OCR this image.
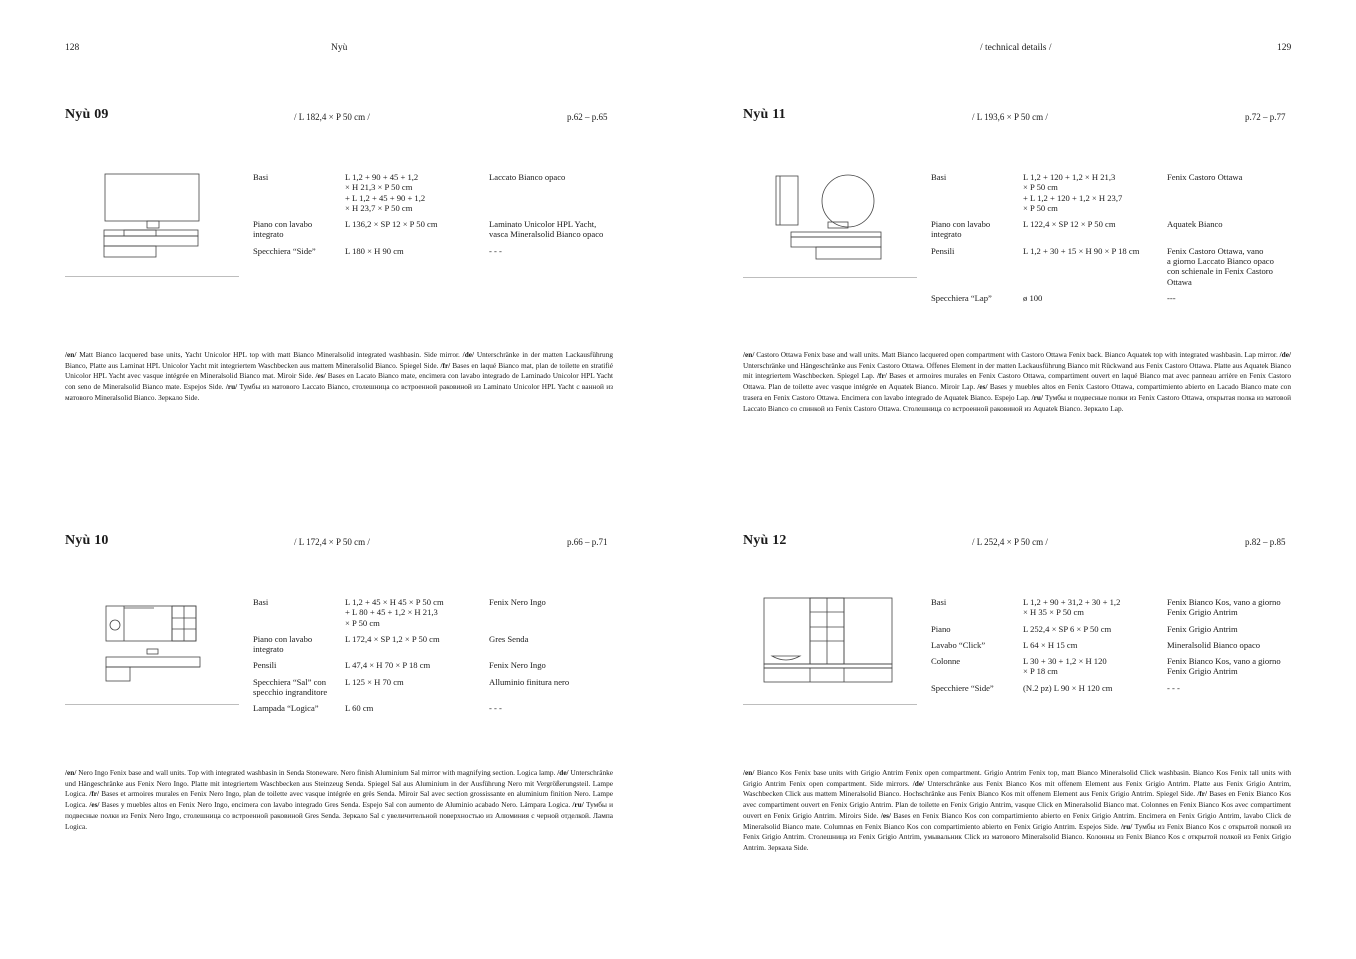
128	Nyù	/ technical details /	129
Nyù 09	/ L 182,4 × P 50 cm /	p.62 – p.65
Basi	L 1,2 + 90 + 45 + 1,2
× H 21,3 × P 50 cm
+ L 1,2 + 45 + 90 + 1,2
× H 23,7 × P 50 cm	Laccato Bianco opaco
Piano con lavabo
integrato	L 136,2 × SP 12 × P 50 cm	Laminato Unicolor HPL Yacht,
vasca Mineralsolid Bianco opaco
Specchiera “Side”	L 180 × H 90 cm	- - -

/en/ Matt Bianco lacquered base units, Yacht Unicolor HPL top with matt Bianco Mineralsolid integrated washbasin. Side mirror. /de/ Unterschränke in der matten Lackausführung Bianco, Platte aus Laminat HPL Unicolor Yacht mit integriertem Waschbecken aus mattem Mineralsolid Bianco. Spiegel Side. /fr/ Bases en laqué Bianco mat, plan de toilette en stratifié Unicolor HPL Yacht avec vasque intégrée en Mineralsolid Bianco mat. Miroir Side. /es/ Bases en Lacato Bianco mate, encimera con lavabo integrado de Laminado Unicolor HPL Yacht con seno de Mineralsolid Bianco mate. Espejos Side. /ru/ Тумбы из матового Laccato Bianco, столешница со встроенной раковиной из Laminato Unicolor HPL Yacht с ванной из матового Mineralsolid Bianco. Зеркало Side.

Nyù 11	/ L 193,6 × P 50 cm /	p.72 – p.77
Basi	L 1,2 + 120 + 1,2 × H 21,3
× P 50 cm
+ L 1,2 + 120 + 1,2 × H 23,7
× P 50 cm	Fenix Castoro Ottawa
Piano con lavabo
integrato	L 122,4 × SP 12 × P 50 cm	Aquatek Bianco
Pensili	L 1,2 + 30 + 15 × H 90 × P 18 cm	Fenix Castoro Ottawa, vano
a giorno Laccato Bianco opaco
con schienale in Fenix Castoro
Ottawa
Specchiera “Lap”	ø 100	---

/en/ Castoro Ottawa Fenix base and wall units. Matt Bianco lacquered open compartment with Castoro Ottawa Fenix back. Bianco Aquatek top with integrated washbasin. Lap mirror. /de/ Unterschränke und Hängeschränke aus Fenix Castoro Ottawa. Offenes Element in der matten Lackausführung Bianco mit Rückwand aus Fenix Castoro Ottawa. Platte aus Aquatek Bianco mit integriertem Waschbecken. Spiegel Lap. /fr/ Bases et armoires murales en Fenix Castoro Ottawa, compartiment ouvert en laqué Bianco mat avec panneau arrière en Fenix Castoro Ottawa. Plan de toilette avec vasque intégrée en Aquatek Bianco. Miroir Lap. /es/ Bases y muebles altos en Fenix Castoro Ottawa, compartimiento abierto en Lacado Bianco mate con trasera en Fenix Castoro Ottawa. Encimera con lavabo integrado de Aquatek Bianco. Espejo Lap. /ru/ Тумбы и подвесные полки из Fenix Castoro Ottawa, открытая полка из матовой Laccato Bianco со спинкой из Fenix Castoro Ottawa. Столешница со встроенной раковиной из Aquatek Bianco. Зеркало Lap.

Nyù 10	/ L 172,4 × P 50 cm /	p.66 – p.71
Basi	L 1,2 + 45 × H 45 × P 50 cm
+ L 80 + 45 + 1,2 × H 21,3
× P 50 cm	Fenix Nero Ingo
Piano con lavabo
integrato	L 172,4 × SP 1,2 × P 50 cm	Gres Senda
Pensili	L 47,4 × H 70 × P 18 cm	Fenix Nero Ingo
Specchiera “Sal” con
specchio ingranditore	L 125 × H 70 cm	Alluminio finitura nero
Lampada “Logica”	L 60 cm	- - -

/en/ Nero Ingo Fenix base and wall units. Top with integrated washbasin in Senda Stoneware. Nero finish Aluminium Sal mirror with magnifying section. Logica lamp. /de/ Unterschränke und Hängeschränke aus Fenix Nero Ingo. Platte mit integriertem Waschbecken aus Steinzeug Senda. Spiegel Sal aus Aluminium in der Ausführung Nero mit Vergrößerungsteil. Lampe Logica. /fr/ Bases et armoires murales en Fenix Nero Ingo, plan de toilette avec vasque intégrée en grès Senda. Miroir Sal avec section grossissante en aluminium finition Nero. Lampe Logica. /es/ Bases y muebles altos en Fenix Nero Ingo, encimera con lavabo integrado Gres Senda. Espejo Sal con aumento de Aluminio acabado Nero. Lámpara Logica. /ru/ Тумбы и подвесные полки из Fenix Nero Ingo, столешница со встроенной раковиной Gres Senda. Зеркало Sal с увеличительной поверхностью из Алюминия с черной отделкой. Лампа Logica.

Nyù 12	/ L 252,4 × P 50 cm /	p.82 – p.85
Basi	L 1,2 + 90 + 31,2 + 30 + 1,2
× H 35 × P 50 cm	Fenix Bianco Kos, vano a giorno
Fenix Grigio Antrim
Piano	L 252,4 × SP 6 × P 50 cm	Fenix Grigio Antrim
Lavabo “Click”	L 64 × H 15 cm	Mineralsolid Bianco opaco
Colonne	L 30 + 30 + 1,2 × H 120
× P 18 cm	Fenix Bianco Kos, vano a giorno
Fenix Grigio Antrim
Specchiere “Side”	(N.2 pz) L 90 × H 120 cm	- - -

/en/ Bianco Kos Fenix base units with Grigio Antrim Fenix open compartment. Grigio Antrim Fenix top, matt Bianco Mineralsolid Click washbasin. Bianco Kos Fenix tall units with Grigio Antrim Fenix open compartment. Side mirrors. /de/ Unterschränke aus Fenix Bianco Kos mit offenem Element aus Fenix Grigio Antrim. Platte aus Fenix Grigio Antrim, Waschbecken Click aus mattem Mineralsolid Bianco. Hochschränke aus Fenix Bianco Kos mit offenem Element aus Fenix Grigio Antrim. Spiegel Side. /fr/ Bases en Fenix Bianco Kos avec compartiment ouvert en Fenix Grigio Antrim. Plan de toilette en Fenix Grigio Antrim, vasque Click en Mineralsolid Bianco mat. Colonnes en Fenix Bianco Kos avec compartiment ouvert en Fenix Grigio Antrim. Miroirs Side. /es/ Bases en Fenix Bianco Kos con compartimiento abierto en Fenix Grigio Antrim. Encimera en Fenix Grigio Antrim, lavabo Click de Mineralsolid Bianco mate. Columnas en Fenix Bianco Kos con compartimiento abierto en Fenix Grigio Antrim. Espejos Side. /ru/ Тумбы из Fenix Bianco Kos с открытой полкой из Fenix Grigio Antrim. Столешница из Fenix Grigio Antrim, умывальник Click из матового Mineralsolid Bianco. Колонны из Fenix Bianco Kos с открытой полкой из Fenix Grigio Antrim. Зеркала Side.
